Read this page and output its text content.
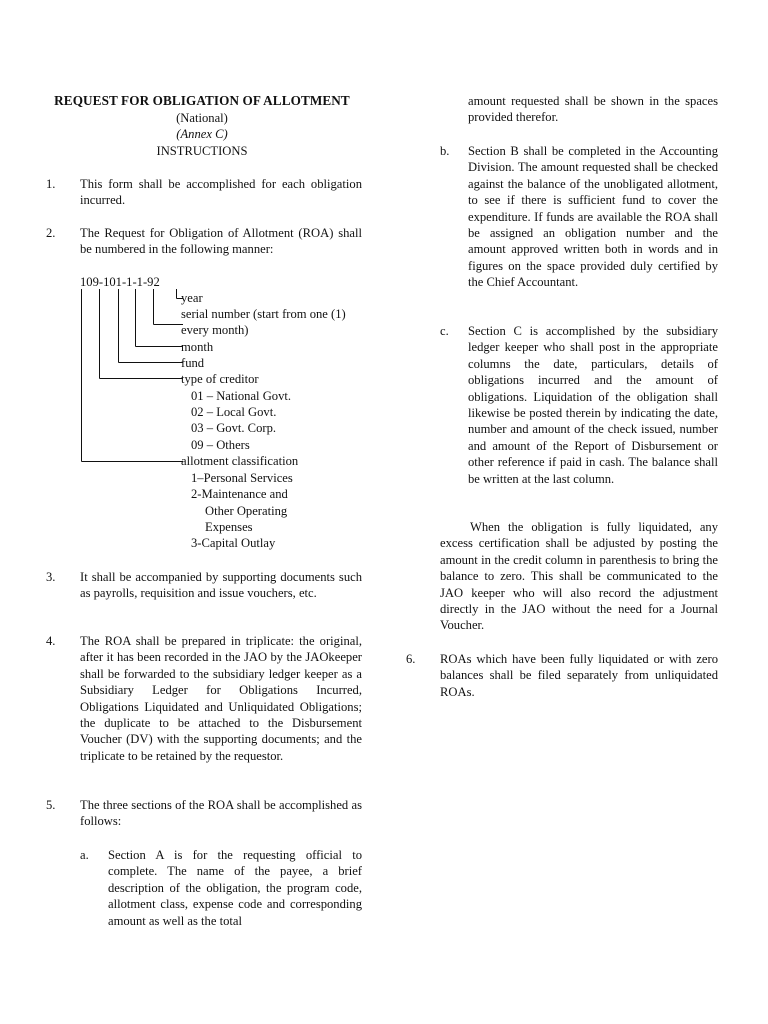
REQUEST FOR OBLIGATION OF ALLOTMENT
(National)
(Annex C)
INSTRUCTIONS
1.	This form shall be accomplished for each obligation incurred.
2.	The Request for Obligation of Allotment (ROA) shall be numbered in the following manner:
109-101-1-1-92
year
serial number (start from one (1)
every month)
month
fund
type of creditor
01 – National Govt.
02 – Local Govt.
03 – Govt. Corp.
09 – Others
allotment classification
1–Personal Services
2-Maintenance and
Other Operating
Expenses
3-Capital Outlay
3.	It shall be accompanied by supporting documents such as payrolls, requisition and issue vouchers, etc.
4.	The ROA shall be prepared in triplicate: the original, after it has been recorded in the JAO by the JAOkeeper shall be forwarded to the subsidiary ledger keeper as a Subsidiary Ledger for Obligations Incurred, Obligations Liquidated and Unliquidated Obligations; the duplicate to be attached to the Disbursement Voucher (DV) with the supporting documents; and the triplicate to be retained by the requestor.
5.	The three sections of the ROA shall be accomplished as follows:
a. Section A is for the requesting official to complete. The name of the payee, a brief description of the obligation, the program code, allotment class, expense code and corresponding amount as well as the total
amount requested shall be shown in the spaces provided therefor.
b. Section B shall be completed in the Accounting Division. The amount requested shall be checked against the balance of the unobligated allotment, to see if there is sufficient fund to cover the expenditure. If funds are available the ROA shall be assigned an obligation number and the amount approved written both in words and in figures on the space provided duly certified by the Chief Accountant.
c. Section C is accomplished by the subsidiary ledger keeper who shall post in the appropriate columns the date, particulars, details of obligations incurred and the amount of obligations. Liquidation of the obligation shall likewise be posted therein by indicating the date, number and amount of the check issued, number and amount of the Report of Disbursement or other reference if paid in cash. The balance shall be written at the last column.
When the obligation is fully liquidated, any excess certification shall be adjusted by posting the amount in the credit column in parenthesis to bring the balance to zero. This shall be communicated to the JAO keeper who will also record the adjustment directly in the JAO without the need for a Journal Voucher.
6.	ROAs which have been fully liquidated or with zero balances shall be filed separately from unliquidated ROAs.
